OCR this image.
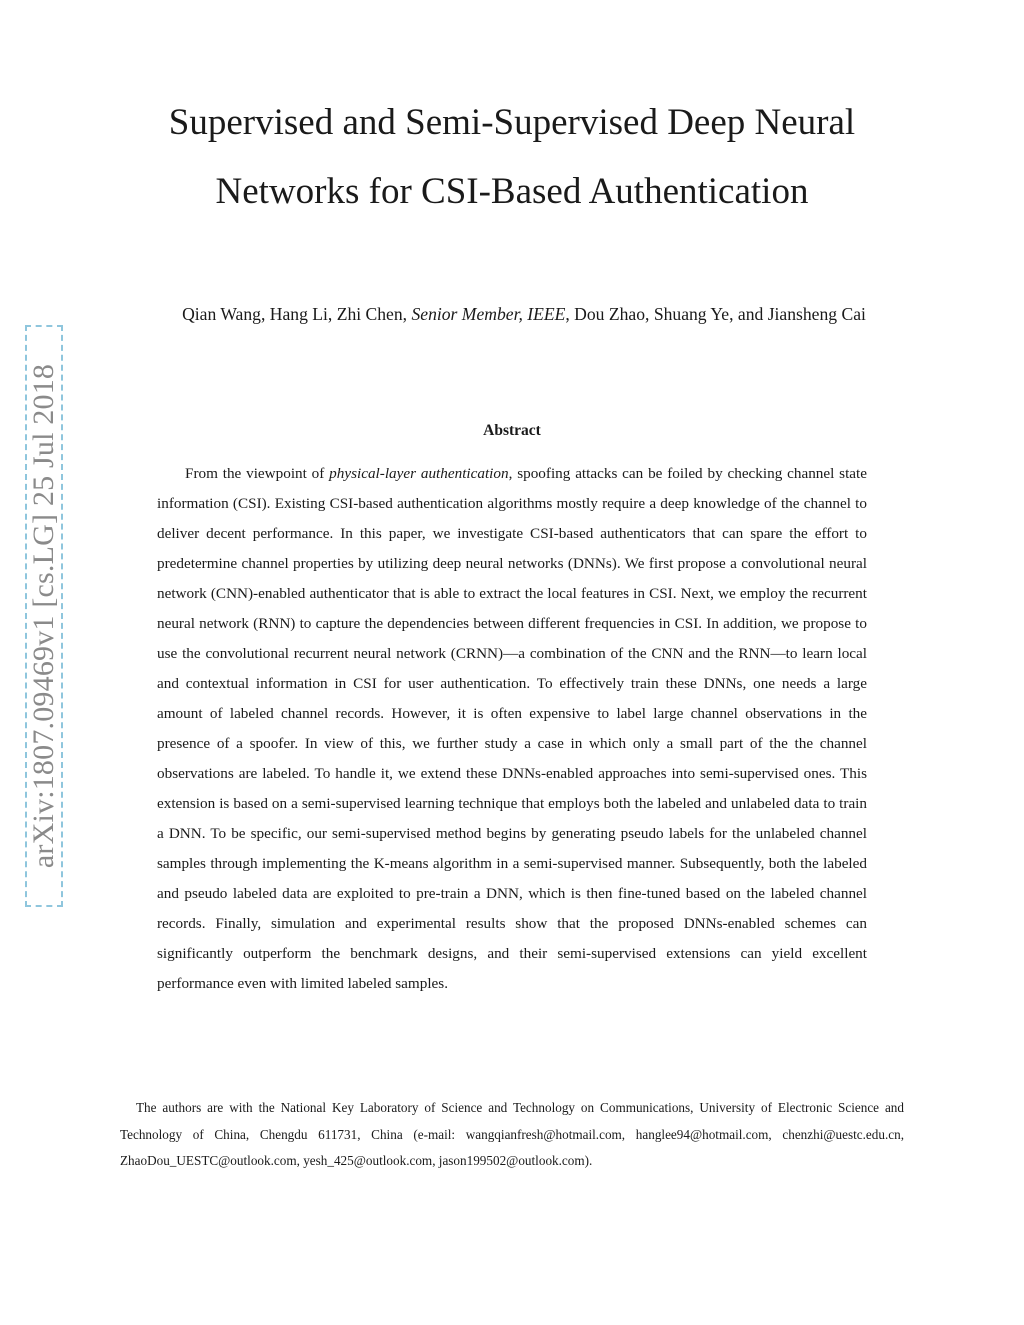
Supervised and Semi-Supervised Deep Neural
Networks for CSI-Based Authentication
Qian Wang, Hang Li, Zhi Chen, Senior Member, IEEE, Dou Zhao, Shuang Ye, and Jiansheng Cai
arXiv:1807.09469v1 [cs.LG] 25 Jul 2018	Abstract

From the viewpoint of physical-layer authentication, spoofing attacks can be foiled by checking channel state information (CSI). Existing CSI-based authentication algorithms mostly require a deep knowledge of the channel to deliver decent performance. In this paper, we investigate CSI-based authenticators that can spare the effort to predetermine channel properties by utilizing deep neural networks (DNNs). We first propose a convolutional neural network (CNN)-enabled authenticator that is able to extract the local features in CSI. Next, we employ the recurrent neural network (RNN) to capture the dependencies between different frequencies in CSI. In addition, we propose to use the convolutional recurrent neural network (CRNN)—a combination of the CNN and the RNN—to learn local and contextual information in CSI for user authentication. To effectively train these DNNs, one needs a large amount of labeled channel records. However, it is often expensive to label large channel observations in the presence of a spoofer. In view of this, we further study a case in which only a small part of the the channel observations are labeled. To handle it, we extend these DNNs-enabled approaches into semi-supervised ones. This extension is based on a semi-supervised learning technique that employs both the labeled and unlabeled data to train a DNN. To be specific, our semi-supervised method begins by generating pseudo labels for the unlabeled channel samples through implementing the K-means algorithm in a semi-supervised manner. Subsequently, both the labeled and pseudo labeled data are exploited to pre-train a DNN, which is then fine-tuned based on the labeled channel records. Finally, simulation and experimental results show that the proposed DNNs-enabled schemes can significantly outperform the benchmark designs, and their semi-supervised extensions can yield excellent performance even with limited labeled samples.

The authors are with the National Key Laboratory of Science and Technology on Communications, University of Electronic Science and Technology of China, Chengdu 611731, China (e-mail: wangqianfresh@hotmail.com, hanglee94@hotmail.com, chenzhi@uestc.edu.cn, ZhaoDou_UESTC@outlook.com, yesh_425@outlook.com, jason199502@outlook.com).
